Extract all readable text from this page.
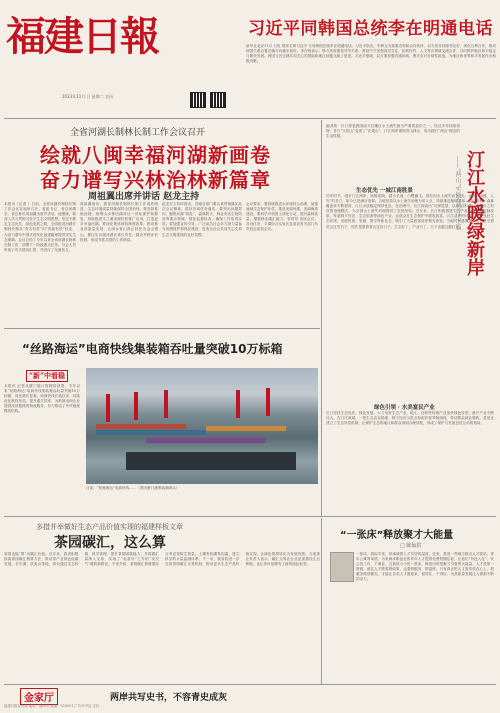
福建日報
2023年11月 日 星期二 农历
习近平同韩国总统李在明通电话
新华社北京11月 日电 国家主席习近平 日同韩国总统李在明通电话。习近平指出，中韩互为重要近邻和合作伙伴，双方应坚持睦邻友好，深化互利合作，推动两国关系沿着正确方向稳步前进。李在明表示，韩方高度重视对华关系，愿同中方加强高层交往，拓展经贸、人文等各领域交流合作，共同维护地区和平稳定与繁荣发展。两国元首还就共同关心的国际和地区问题交换了意见。习近平强调，双方要加强沟通协调，携手应对全球性挑战，为地区和世界和平发展作出积极贡献。
全省河湖长制林长制工作会议召开
绘就八闽幸福河湖新画卷
奋力谱写兴林治林新篇章
周祖翼出席并讲话 赵龙主持
本报讯（记者 ）日前，全省河湖长制林长制工作会议在福州召开。省委书记、省总河湖长、省总林长周祖翼出席并讲话。他强调，要深入学习贯彻习近平生态文明思想，坚定不移走生态优先、绿色发展之路，全面推进河湖长制林长制从“有名有责”向“有能有效”转变，为奋力谱写中国式现代化福建篇章提供坚实生态保障。会议总结了今年以来全省河湖长制林长制工作，部署下一阶段重点任务。与会人员听取了有关情况汇报，并进行了交流发言。
周祖翼指出，我省河湖长制林长制工作成效明显，生态环境质量持续保持全国前列。要坚持系统治理，统筹山水林田湖草沙一体化保护和修复，持续推进木兰溪治理经验推广应用，打造更多幸福河湖。要深化集体林权制度改革，推动林业高质量发展，让绿水青山真正转化为金山银山。要压实各级河湖长林长责任，健全考核评价机制，形成齐抓共管的工作格局。
赵龙在主持时指出，各地各部门要认真贯彻落实此次会议精神，抓好各项任务落实。要突出问题导向，聚焦河湖“四乱”、森林防火、林业有害生物防治等重点领域，强化监督检查，确保工作取得实效。要加强宣传引导，广泛动员社会各方面力量参与河湖保护和林业建设，营造全社会共同关心支持生态文明建设的良好氛围。
会议要求，要持续推进水环境综合治理，加强流域生态保护补偿，推进美丽河湖、美丽海湾建设。要科学开展国土绿化行动，提升森林质量，增强林业碳汇能力。省领导 出席会议。各设区市、平潭综合实验区及省直有关部门负责同志参加会议。
编者按：长汀曾是我国南方红壤区水土流失最为严重的县份之一。经过多年持续治理，昔日“火焰山”变成了“花果山”，汀江两岸重现青山绿水，成为践行“两山”理念的生动样板。
汀江水暖绿新岸
——“两山”实践在长汀·下篇
生态优先 一城江南胜景
初冬时节，漫步汀江两岸，绿树成荫，碧水长流，白鹭翩飞。曾经因水土流失而“山光、水浊、田瘦、人穷”的长汀，如今已是满目苍翠。当地坚持以水土流失治理为切入点，持续推进植树造林、封山育林，森林覆盖率不断提高，汀江水质稳定保持优良。在治理中，长汀探索出“反弹琵琶、以草促林”等一系列行之有效的治理模式，为全国水土流失治理提供了宝贵经验。近年来，长汀积极推进生态产品价值实现机制改革，发展林下经济、生态旅游等绿色产业，让群众在生态保护中增收致富。汀江沿岸的村庄，依托良好生态环境，发展民宿、采摘、研学等新业态，吸引了大量游客前来观光体验。当地村民感慨道，过去是守着荒山过穷日子，现在是靠着青山过好日子。生态好了，产业兴了，日子也越过越红火。
绿色引领 · 水美富民产业
长汀坚持生态优先、绿色发展，大力培育生态产业。稀土、纺织等传统产业加快绿色转型，新兴产业不断壮大。在汀江流域，一批生态农业基地、林下经济示范点如雨后春笋般涌现，带动群众就业增收。县里还建立了生态补偿机制，让保护生态的地区和群众得到合理回报，形成了保护与发展良性互动的格局。
“丝路海运”电商快线集装箱吞吐量突破10万标箱
“新”中看稳
本报讯 记者从厦门港口管理局获悉，今年以来“丝路海运”电商快线集装箱吞吐量突破10万标箱，同比增长显著。电商快线开通以来，持续优化航线布局，提升通关效率，为跨境电商企业提供高效便捷的物流服务，有力推动了外贸稳规模优结构。
日前，“丝路海运”电商快线……（图为厦门港集装箱码头）
多措并举做好生态产品价值实现的福建样板文章
茶园碳汇，这么算
茶园也能“算”出碳汇价值。近年来，我省积极探索茶园碳汇核算方法，推动茶产业绿色低碳发展。在安溪、武夷山等地，茶农通过生态种植、科学管理，提升茶园固碳能力，并将碳汇量纳入交易，实现了“卖茶叶”之外的“卖空气”增收新路径。专家介绍，茶园碳汇核算需综合考虑茶树生物量、土壤有机碳等因素，建立科学的计量监测体系。下一步，我省将进一步完善茶园碳汇交易机制，推动更多生态产品价值实现，让绿色资源转化为发展优势。当地茶企负责人表示，碳汇交易让企业更加重视生态种植，也让茶叶品牌有了新的绿色标签。
“一张床”释放聚才大能量
□ 陈仙洪
一张床，看似平常，却承载着人才安居的温度。近来，我省一些地方推出人才驿站、青年公寓等举措，为来闽求职创业的青年人才提供免费短期住宿，让他们“拎包入住”，安心找工作、干事业。这看似小小的一张床，释放出的是聚才引智的大能量。人才是第一资源，留住人才既要拼政策，也要拼服务、拼温度。只有真正把人才需求放在心上，把服务做细做实，才能让各类人才愿意来、留得住、干得好，为高质量发展注入源源不断的动力。
金家厅	两岸共写史书，不容青史成灰
福建日报社出版 地址：福州市 邮编：350001 广告许可证 定价
